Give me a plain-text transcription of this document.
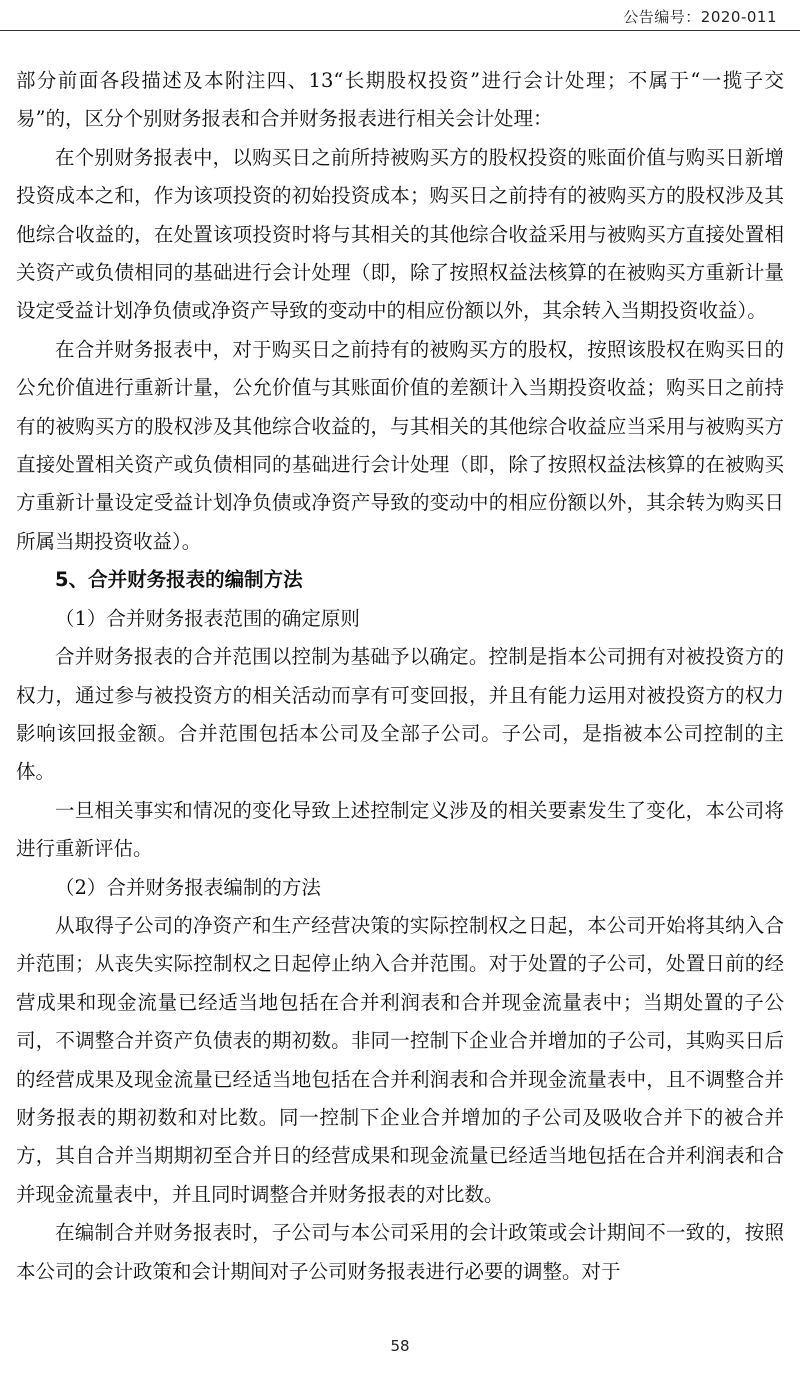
公告编号：2020-011

部分前面各段描述及本附注四、13“长期股权投资”进行会计处理；不属于“一揽子交易”的，区分个别财务报表和合并财务报表进行相关会计处理：

在个别财务报表中，以购买日之前所持被购买方的股权投资的账面价值与购买日新增投资成本之和，作为该项投资的初始投资成本；购买日之前持有的被购买方的股权涉及其他综合收益的，在处置该项投资时将与其相关的其他综合收益采用与被购买方直接处置相关资产或负债相同的基础进行会计处理（即，除了按照权益法核算的在被购买方重新计量设定受益计划净负债或净资产导致的变动中的相应份额以外，其余转入当期投资收益）。

在合并财务报表中，对于购买日之前持有的被购买方的股权，按照该股权在购买日的公允价值进行重新计量，公允价值与其账面价值的差额计入当期投资收益；购买日之前持有的被购买方的股权涉及其他综合收益的，与其相关的其他综合收益应当采用与被购买方直接处置相关资产或负债相同的基础进行会计处理（即，除了按照权益法核算的在被购买方重新计量设定受益计划净负债或净资产导致的变动中的相应份额以外，其余转为购买日所属当期投资收益）。

5、合并财务报表的编制方法

（1）合并财务报表范围的确定原则

合并财务报表的合并范围以控制为基础予以确定。控制是指本公司拥有对被投资方的权力，通过参与被投资方的相关活动而享有可变回报，并且有能力运用对被投资方的权力影响该回报金额。合并范围包括本公司及全部子公司。子公司，是指被本公司控制的主体。

一旦相关事实和情况的变化导致上述控制定义涉及的相关要素发生了变化，本公司将进行重新评估。

（2）合并财务报表编制的方法

从取得子公司的净资产和生产经营决策的实际控制权之日起，本公司开始将其纳入合并范围；从丧失实际控制权之日起停止纳入合并范围。对于处置的子公司，处置日前的经营成果和现金流量已经适当地包括在合并利润表和合并现金流量表中；当期处置的子公司，不调整合并资产负债表的期初数。非同一控制下企业合并增加的子公司，其购买日后的经营成果及现金流量已经适当地包括在合并利润表和合并现金流量表中，且不调整合并财务报表的期初数和对比数。同一控制下企业合并增加的子公司及吸收合并下的被合并方，其自合并当期期初至合并日的经营成果和现金流量已经适当地包括在合并利润表和合并现金流量表中，并且同时调整合并财务报表的对比数。

在编制合并财务报表时，子公司与本公司采用的会计政策或会计期间不一致的，按照本公司的会计政策和会计期间对子公司财务报表进行必要的调整。对于

58
